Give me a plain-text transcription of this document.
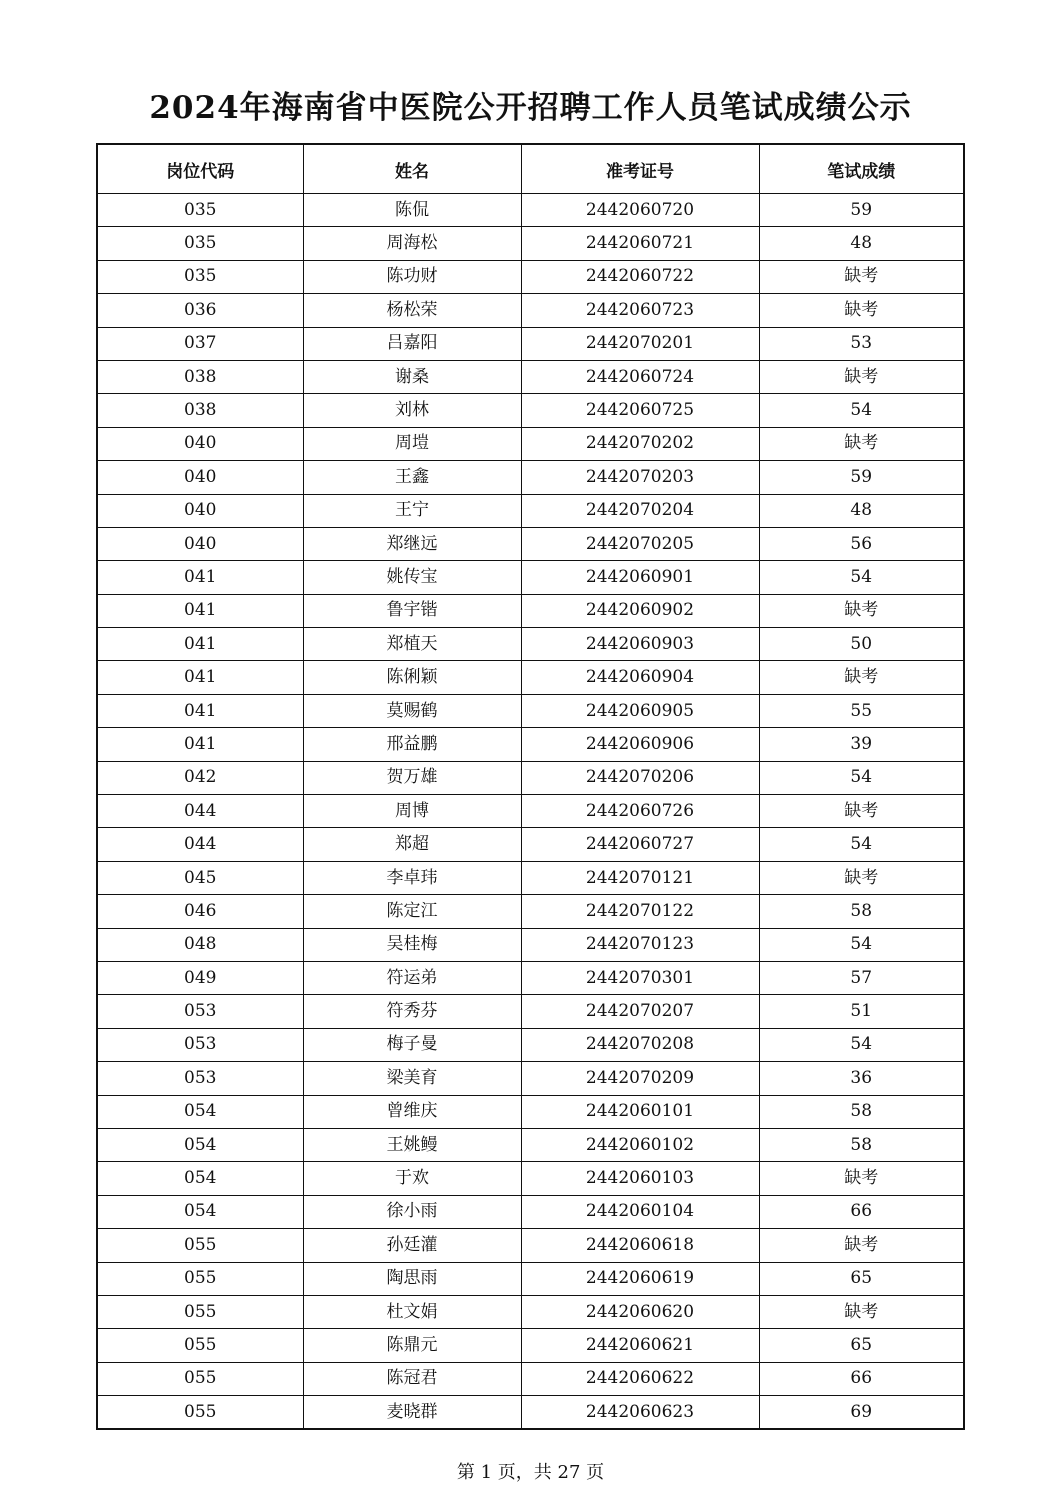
2024年海南省中医院公开招聘工作人员笔试成绩公示
岗位代码	姓名	准考证号	笔试成绩
035	陈侃	2442060720	59
035	周海松	2442060721	48
035	陈功财	2442060722	缺考
036	杨松荣	2442060723	缺考
037	吕嘉阳	2442070201	53
038	谢桑	2442060724	缺考
038	刘林	2442060725	54
040	周塏	2442070202	缺考
040	王鑫	2442070203	59
040	王宁	2442070204	48
040	郑继远	2442070205	56
041	姚传宝	2442060901	54
041	鲁宇锴	2442060902	缺考
041	郑植天	2442060903	50
041	陈俐颖	2442060904	缺考
041	莫赐鹤	2442060905	55
041	邢益鹏	2442060906	39
042	贺万雄	2442070206	54
044	周博	2442060726	缺考
044	郑超	2442060727	54
045	李卓玮	2442070121	缺考
046	陈定江	2442070122	58
048	吴桂梅	2442070123	54
049	符运弟	2442070301	57
053	符秀芬	2442070207	51
053	梅子曼	2442070208	54
053	梁美育	2442070209	36
054	曾维庆	2442060101	58
054	王姚鳗	2442060102	58
054	于欢	2442060103	缺考
054	徐小雨	2442060104	66
055	孙廷灌	2442060618	缺考
055	陶思雨	2442060619	65
055	杜文娟	2442060620	缺考
055	陈鼎元	2442060621	65
055	陈冠君	2442060622	66
055	麦晓群	2442060623	69
第 1 页，共 27 页
